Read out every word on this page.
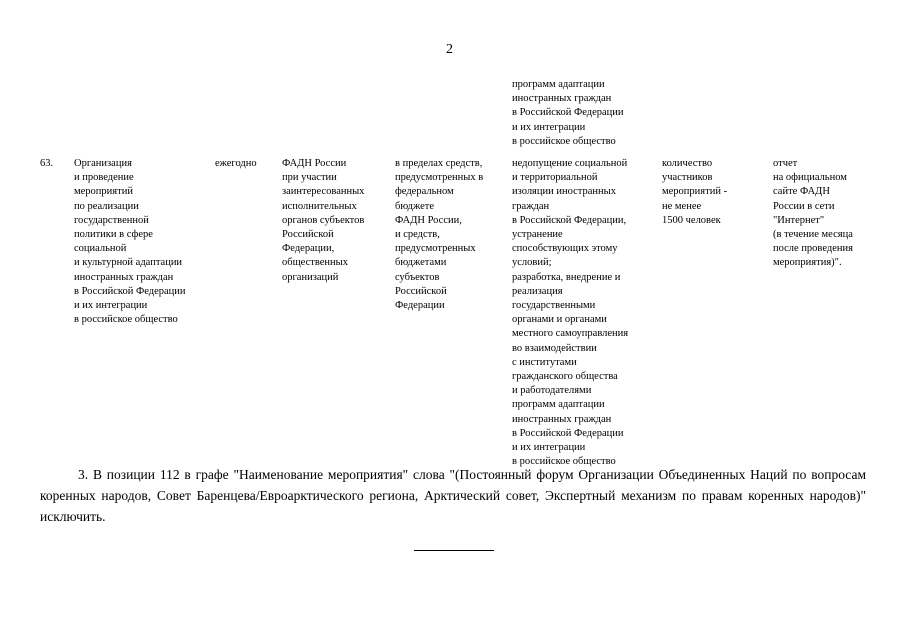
2
программ адаптации
иностранных граждан
в Российской Федерации
и их интеграции
в российское общество
63. Организация
и проведение
мероприятий
по реализации
государственной
политики в сфере
социальной
и культурной адаптации
иностранных граждан
в Российской Федерации
и их интеграции
в российское общество
ежегодно ФАДН России
при участии
заинтересованных
исполнительных
органов субъектов
Российской
Федерации,
общественных
организаций
в пределах средств,
предусмотренных в
федеральном
бюджете
ФАДН России,
и средств,
предусмотренных
бюджетами
субъектов
Российской
Федерации
недопущение социальной
и территориальной
изоляции иностранных
граждан
в Российской Федерации,
устранение
способствующих этому
условий;
разработка, внедрение и
реализация
государственными
органами и органами
местного самоуправления
во взаимодействии
с институтами
гражданского общества
и работодателями
программ адаптации
иностранных граждан
в Российской Федерации
и их интеграции
в российское общество
количество
участников
мероприятий -
не менее
1500 человек
отчет
на официальном
сайте ФАДН
России в сети
"Интернет"
(в течение месяца
после проведения
мероприятия)".
3. В позиции 112 в графе "Наименование мероприятия" слова "(Постоянный форум Организации Объединенных Наций по вопросам коренных народов, Совет Баренцева/Евроарктического региона, Арктический совет, Экспертный механизм по правам коренных народов)" исключить.
